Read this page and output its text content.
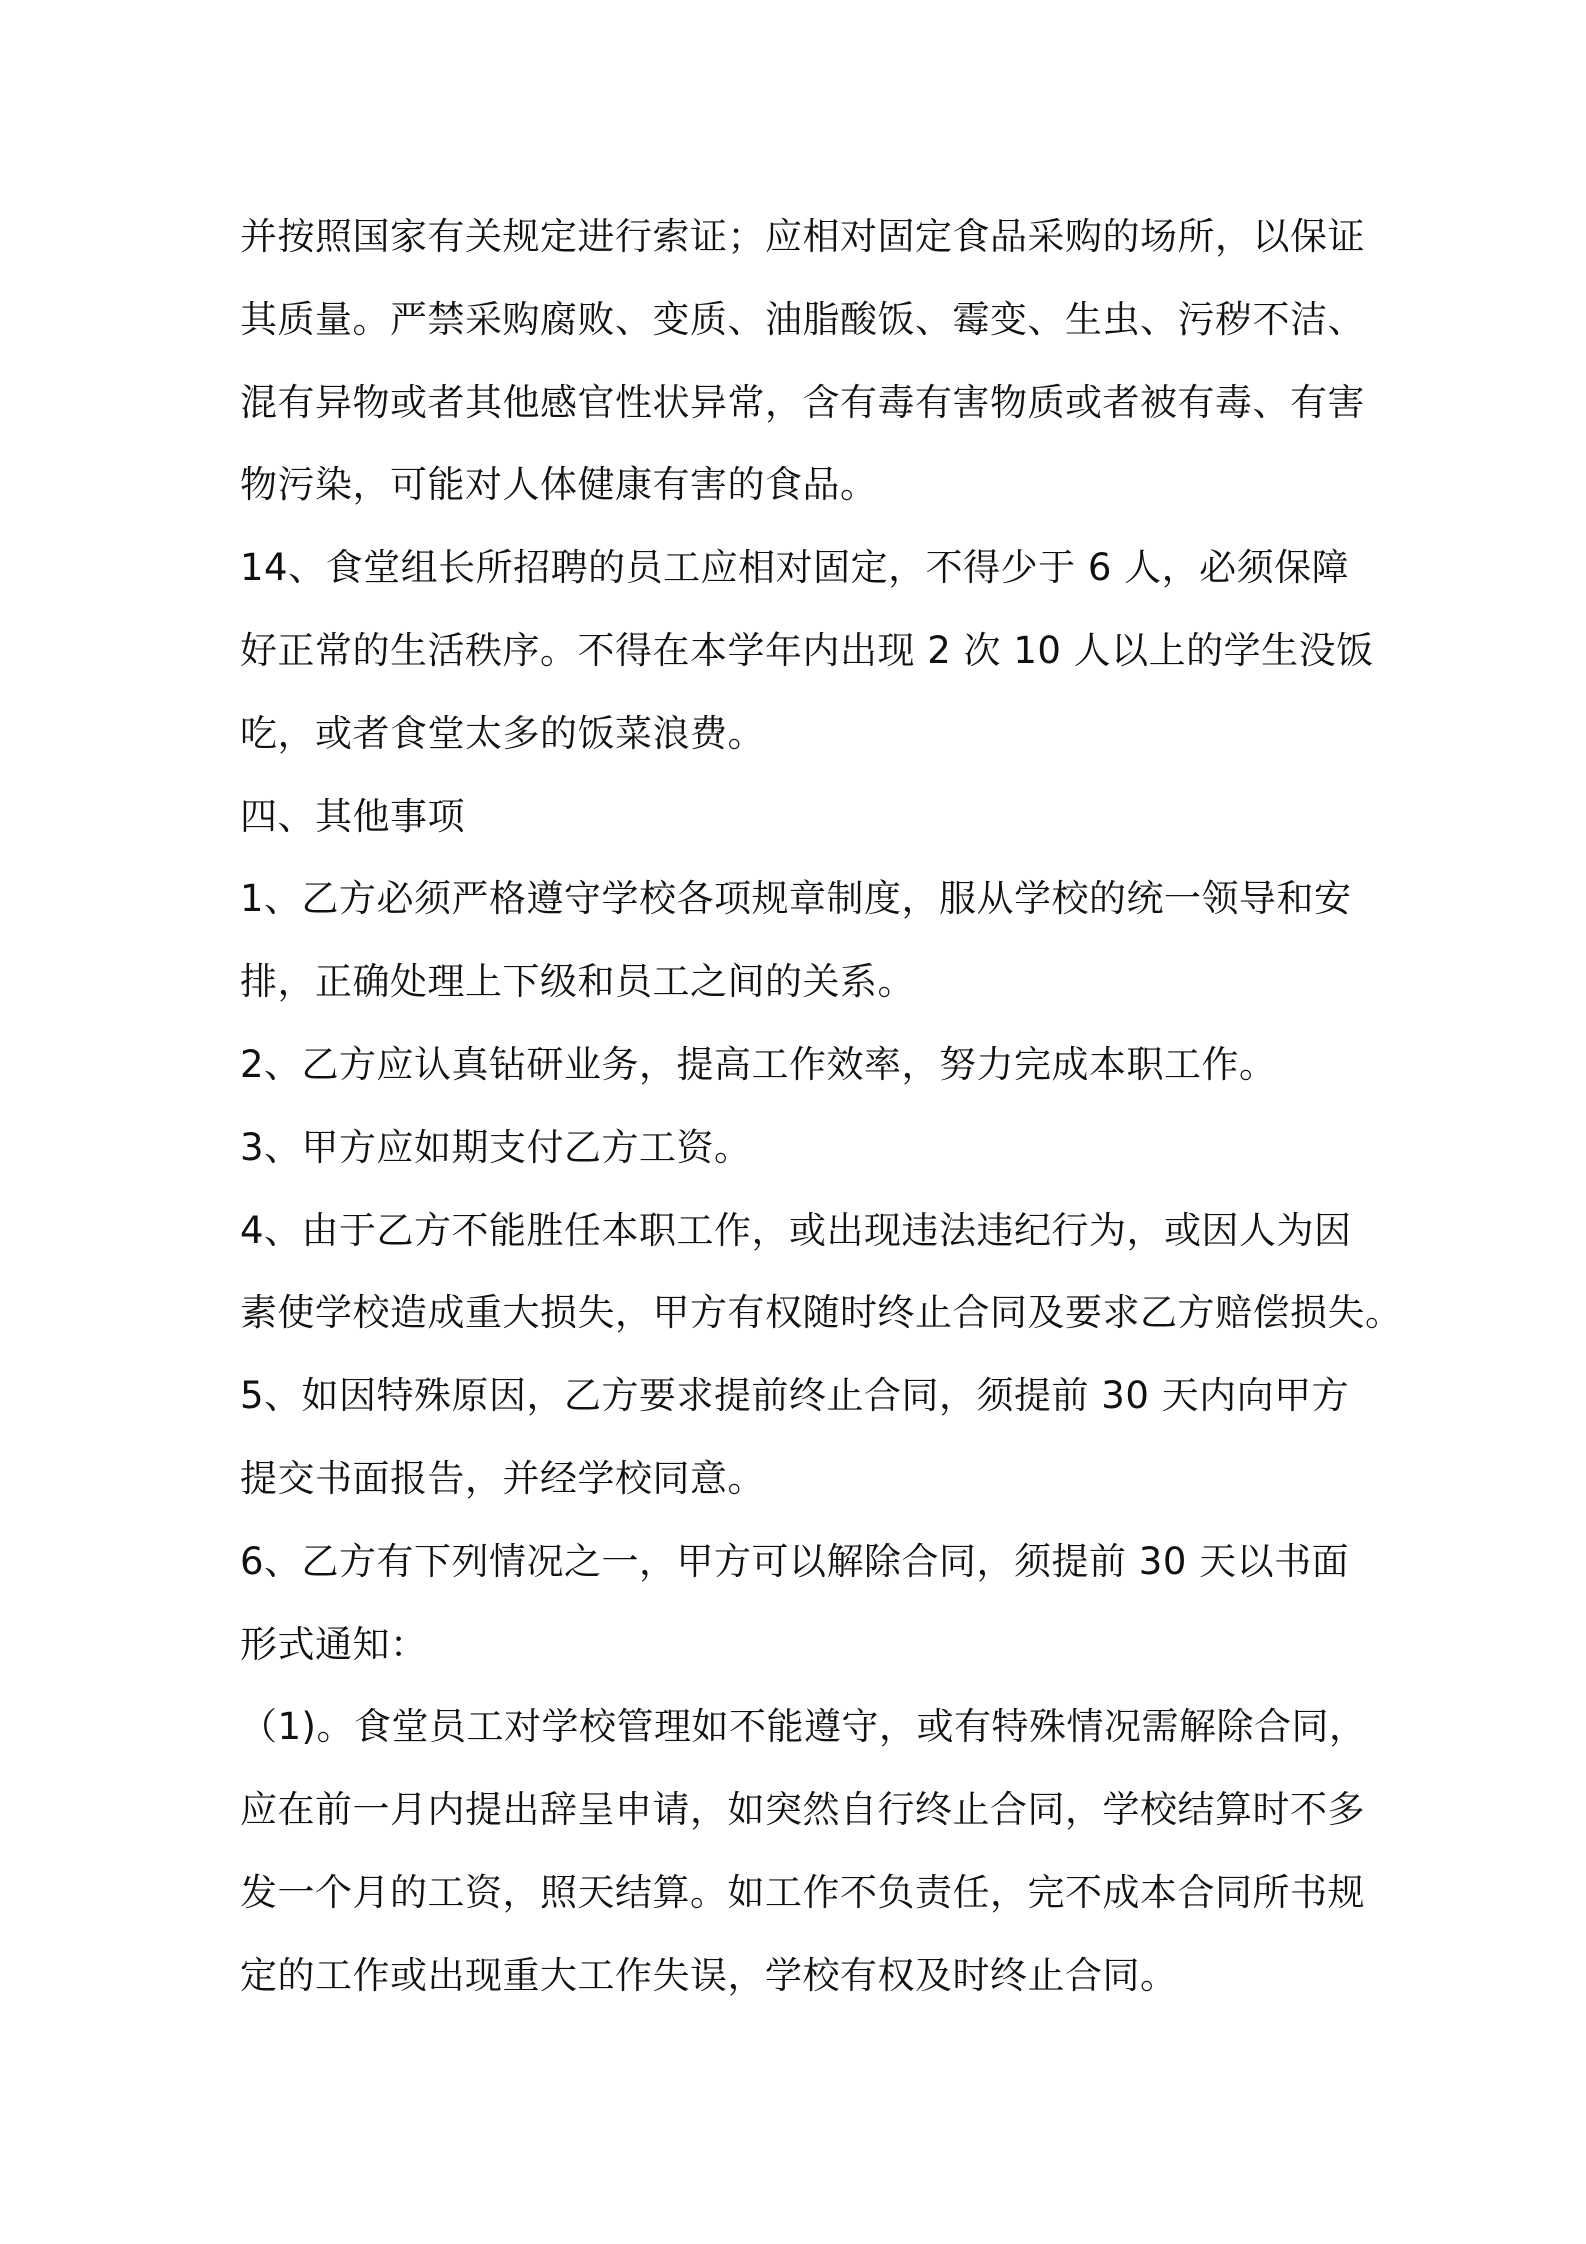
并按照国家有关规定进行索证；应相对固定食品采购的场所，以保证
其质量。严禁采购腐败、变质、油脂酸饭、霉变、生虫、污秽不洁、
混有异物或者其他感官性状异常，含有毒有害物质或者被有毒、有害
物污染，可能对人体健康有害的食品。
14、食堂组长所招聘的员工应相对固定，不得少于 6 人，必须保障
好正常的生活秩序。不得在本学年内出现 2 次 10 人以上的学生没饭
吃，或者食堂太多的饭菜浪费。
四、其他事项
1、乙方必须严格遵守学校各项规章制度，服从学校的统一领导和安
排，正确处理上下级和员工之间的关系。
2、乙方应认真钻研业务，提高工作效率，努力完成本职工作。
3、甲方应如期支付乙方工资。
4、由于乙方不能胜任本职工作，或出现违法违纪行为，或因人为因
素使学校造成重大损失，甲方有权随时终止合同及要求乙方赔偿损失。
5、如因特殊原因，乙方要求提前终止合同，须提前 30 天内向甲方
提交书面报告，并经学校同意。
6、乙方有下列情况之一，甲方可以解除合同，须提前 30 天以书面
形式通知：
（1)。食堂员工对学校管理如不能遵守，或有特殊情况需解除合同，
应在前一月内提出辞呈申请，如突然自行终止合同，学校结算时不多
发一个月的工资，照天结算。如工作不负责任，完不成本合同所书规
定的工作或出现重大工作失误，学校有权及时终止合同。
